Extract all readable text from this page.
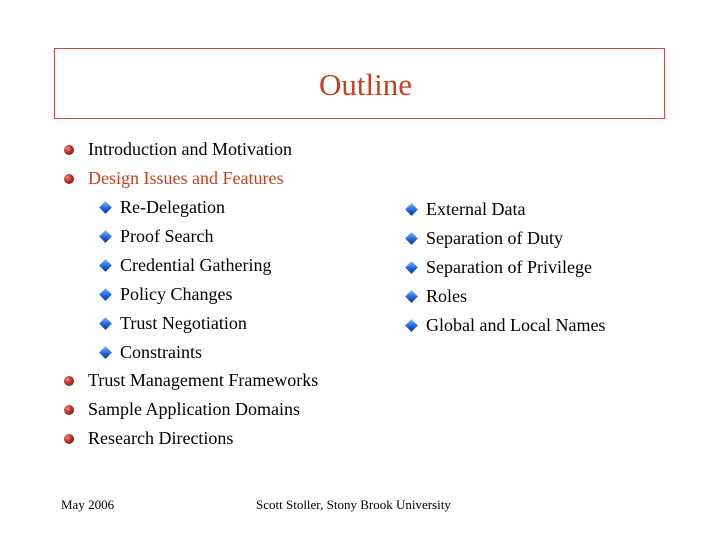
Outline
Introduction and Motivation
Design Issues and Features
Trust Management Frameworks
Sample Application Domains
Research Directions
Re-Delegation
Proof Search
Credential Gathering
Policy Changes
Trust Negotiation
Constraints
External Data
Separation of Duty
Separation of Privilege
Roles
Global and Local Names
May 2006	Scott Stoller, Stony Brook University
